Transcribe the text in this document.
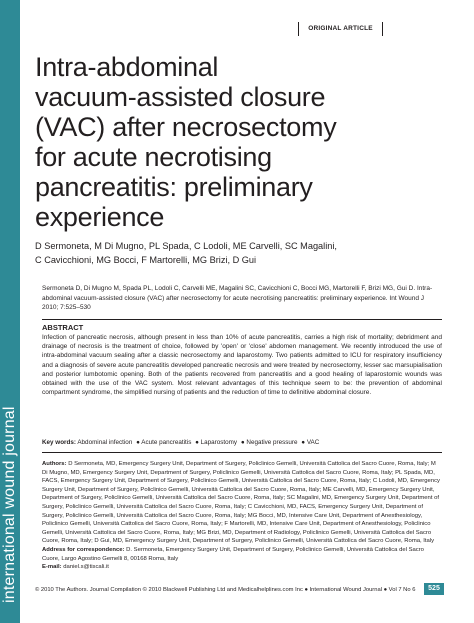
international wound journal
ORIGINAL ARTICLE
Intra-abdominal
vacuum-assisted closure
(VAC) after necrosectomy
for acute necrotising
pancreatitis: preliminary
experience
D Sermoneta, M Di Mugno, PL Spada, C Lodoli, ME Carvelli, SC Magalini,
C Cavicchioni, MG Bocci, F Martorelli, MG Brizi, D Gui
Sermoneta D, Di Mugno M, Spada PL, Lodoli C, Carvelli ME, Magalini SC, Cavicchioni C, Bocci MG, Martorelli F, Brizi MG, Gui D. Intra-abdominal vacuum-assisted closure (VAC) after necrosectomy for acute necrotising pancreatitis: preliminary experience. Int Wound J 2010; 7:525–530
ABSTRACT
Infection of pancreatic necrosis, although present in less than 10% of acute pancreatitis, carries a high risk of mortality; debridment and drainage of necrosis is the treatment of choice, followed by 'open' or 'close' abdomen management. We recently introduced the use of intra-abdominal vacuum sealing after a classic necrosectomy and laparostomy. Two patients admitted to ICU for respiratory insufficiency and a diagnosis of severe acute pancreatitis developed pancreatic necrosis and were treated by necrosectomy, lesser sac marsupialisation and posterior lumbotomic opening. Both of the patients recovered from pancreatitis and a good healing of laparostomic wounds was obtained with the use of the VAC system. Most relevant advantages of this technique seem to be: the prevention of abdominal compartment syndrome, the simplified nursing of patients and the reduction of time to definitive abdominal closure.
Key words: Abdominal infection ● Acute pancreatitis ● Laparostomy ● Negative pressure ● VAC
Authors: D Sermoneta, MD, Emergency Surgery Unit, Department of Surgery, Policlinico Gemelli, Università Cattolica del Sacro Cuore, Roma, Italy; M Di Mugno, MD, Emergency Surgery Unit, Department of Surgery, Policlinico Gemelli, Università Cattolica del Sacro Cuore, Roma, Italy; PL Spada, MD, FACS, Emergency Surgery Unit, Department of Surgery, Policlinico Gemelli, Università Cattolica del Sacro Cuore, Roma, Italy; C Lodoli, MD, Emergency Surgery Unit, Department of Surgery, Policlinico Gemelli, Università Cattolica del Sacro Cuore, Roma, Italy; ME Carvelli, MD, Emergency Surgery Unit, Department of Surgery, Policlinico Gemelli, Università Cattolica del Sacro Cuore, Roma, Italy; SC Magalini, MD, Emergency Surgery Unit, Department of Surgery, Policlinico Gemelli, Università Cattolica del Sacro Cuore, Roma, Italy; C Cavicchioni, MD, FACS, Emergency Surgery Unit, Department of Surgery, Policlinico Gemelli, Università Cattolica del Sacro Cuore, Roma, Italy; MG Bocci, MD, Intensive Care Unit, Department of Anesthesiology, Policlinico Gemelli, Università Cattolica del Sacro Cuore, Roma, Italy; F Martorelli, MD, Intensive Care Unit, Department of Anesthesiology, Policlinico Gemelli, Università Cattolica del Sacro Cuore, Roma, Italy; MG Brizi, MD, Department of Radiology, Policlinico Gemelli, Università Cattolica del Sacro Cuore, Roma, Italy; D Gui, MD, Emergency Surgery Unit, Department of Surgery, Policlinico Gemelli, Università Cattolica del Sacro Cuore, Roma, Italy
Address for correspondence: D. Sermoneta, Emergency Surgery Unit, Department of Surgery, Policlinico Gemelli, Università Cattolica del Sacro Cuore, Largo Agostino Gemelli 8, 00168 Roma, Italy
E-mail: daniel.s@tiscali.it
© 2010 The Authors. Journal Compilation © 2010 Blackwell Publishing Ltd and Medicalhelplines.com Inc ● International Wound Journal ● Vol 7 No 6	525
